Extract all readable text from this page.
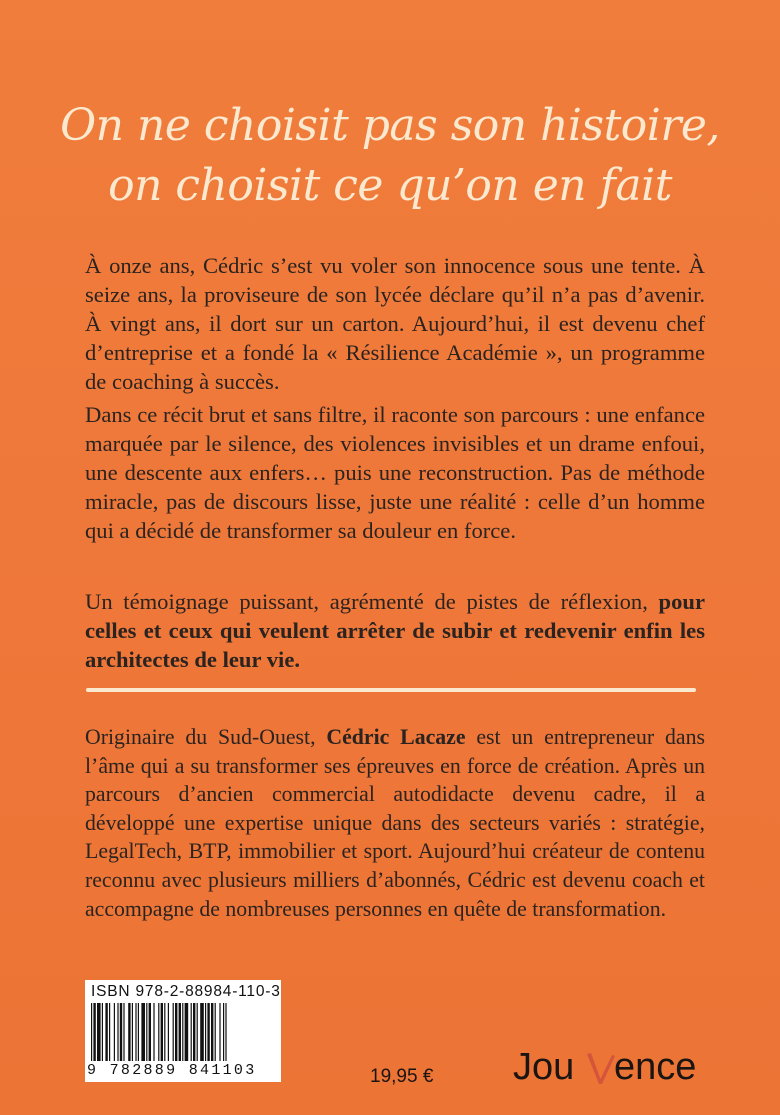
On ne choisit pas son histoire,
on choisit ce qu’on en fait

À onze ans, Cédric s’est vu voler son innocence sous une tente. À seize ans, la proviseure de son lycée déclare qu’il n’a pas d’avenir. À vingt ans, il dort sur un carton. Aujourd’hui, il est devenu chef d’entreprise et a fondé la « Résilience Académie », un programme de coaching à succès.

Dans ce récit brut et sans filtre, il raconte son parcours : une enfance marquée par le silence, des violences invisibles et un drame enfoui, une descente aux enfers… puis une reconstruction. Pas de méthode miracle, pas de discours lisse, juste une réalité : celle d’un homme qui a décidé de transformer sa douleur en force.

Un témoignage puissant, agrémenté de pistes de réflexion, pour celles et ceux qui veulent arrêter de subir et redevenir enfin les architectes de leur vie.

Originaire du Sud-Ouest, Cédric Lacaze est un entrepreneur dans l’âme qui a su transformer ses épreuves en force de création. Après un parcours d’ancien commercial autodidacte devenu cadre, il a développé une expertise unique dans des secteurs variés : stratégie, LegalTech, BTP, immobilier et sport. Aujourd’hui créateur de contenu reconnu avec plusieurs milliers d’abonnés, Cédric est devenu coach et accompagne de nombreuses personnes en quête de transformation.

ISBN 978-2-88984-110-3
9 782889 841103	19,95 € Jou ence
